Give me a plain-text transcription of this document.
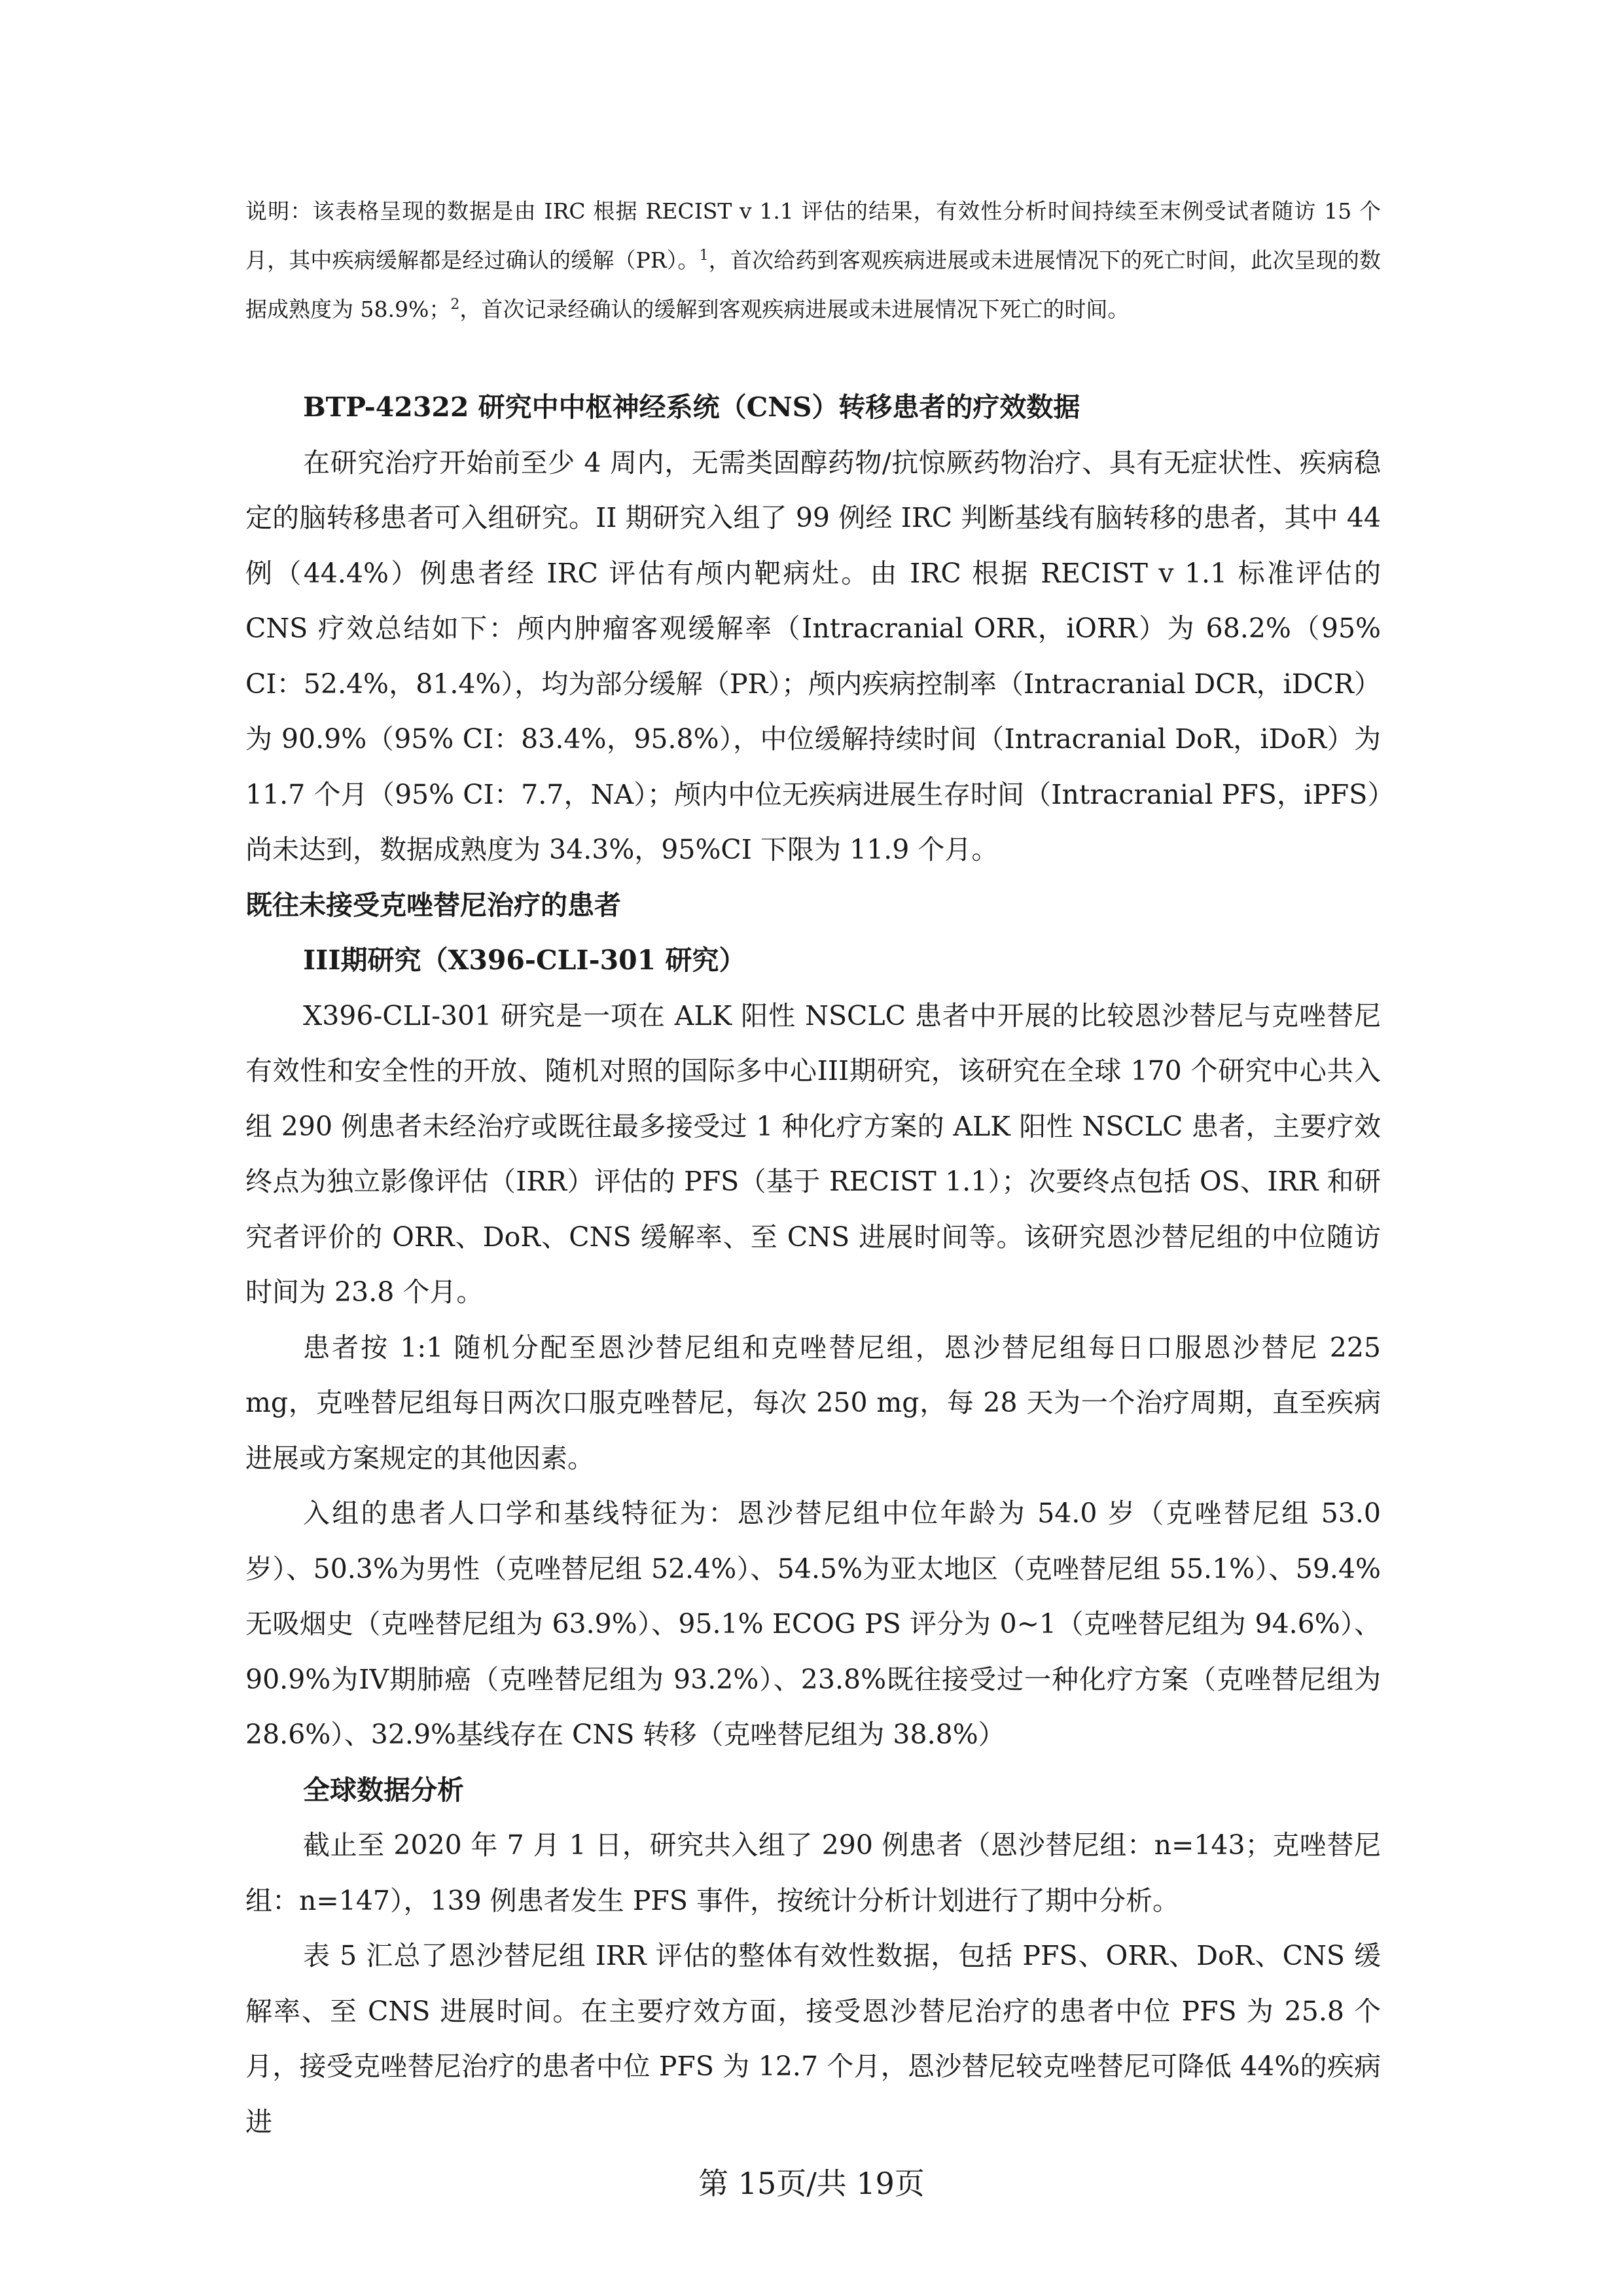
说明：该表格呈现的数据是由 IRC 根据 RECIST v 1.1 评估的结果，有效性分析时间持续至末例受试者随访 15 个月，其中疾病缓解都是经过确认的缓解（PR）。$^1$，首次给药到客观疾病进展或未进展情况下的死亡时间，此次呈现的数据成熟度为 58.9%；$^2$，首次记录经确认的缓解到客观疾病进展或未进展情况下死亡的时间。

BTP-42322 研究中中枢神经系统（CNS）转移患者的疗效数据

在研究治疗开始前至少 4 周内，无需类固醇药物/抗惊厥药物治疗、具有无症状性、疾病稳定的脑转移患者可入组研究。II 期研究入组了 99 例经 IRC 判断基线有脑转移的患者，其中 44 例（44.4%）例患者经 IRC 评估有颅内靶病灶。由 IRC 根据 RECIST v 1.1 标准评估的 CNS 疗效总结如下：颅内肿瘤客观缓解率（Intracranial ORR，iORR）为 68.2%（95% CI：52.4%，81.4%），均为部分缓解（PR）；颅内疾病控制率（Intracranial DCR，iDCR）为 90.9%（95% CI：83.4%，95.8%），中位缓解持续时间（Intracranial DoR，iDoR）为 11.7 个月（95% CI：7.7，NA）；颅内中位无疾病进展生存时间（Intracranial PFS，iPFS）尚未达到，数据成熟度为 34.3%，95%CI 下限为 11.9 个月。

既往未接受克唑替尼治疗的患者

III期研究（X396-CLI-301 研究）

X396-CLI-301 研究是一项在 ALK 阳性 NSCLC 患者中开展的比较恩沙替尼与克唑替尼有效性和安全性的开放、随机对照的国际多中心III期研究，该研究在全球 170 个研究中心共入组 290 例患者未经治疗或既往最多接受过 1 种化疗方案的 ALK 阳性 NSCLC 患者，主要疗效终点为独立影像评估（IRR）评估的 PFS（基于 RECIST 1.1）；次要终点包括 OS、IRR 和研究者评价的 ORR、DoR、CNS 缓解率、至 CNS 进展时间等。该研究恩沙替尼组的中位随访时间为 23.8 个月。

患者按 1:1 随机分配至恩沙替尼组和克唑替尼组，恩沙替尼组每日口服恩沙替尼 225 mg，克唑替尼组每日两次口服克唑替尼，每次 250 mg，每 28 天为一个治疗周期，直至疾病进展或方案规定的其他因素。

入组的患者人口学和基线特征为：恩沙替尼组中位年龄为 54.0 岁（克唑替尼组 53.0 岁）、50.3%为男性（克唑替尼组 52.4%）、54.5%为亚太地区（克唑替尼组 55.1%）、59.4%无吸烟史（克唑替尼组为 63.9%）、95.1% ECOG PS 评分为 0~1（克唑替尼组为 94.6%）、90.9%为IV期肺癌（克唑替尼组为 93.2%）、23.8%既往接受过一种化疗方案（克唑替尼组为 28.6%）、32.9%基线存在 CNS 转移（克唑替尼组为 38.8%）

全球数据分析

截止至 2020 年 7 月 1 日，研究共入组了 290 例患者（恩沙替尼组：n=143；克唑替尼组：n=147），139 例患者发生 PFS 事件，按统计分析计划进行了期中分析。

表 5 汇总了恩沙替尼组 IRR 评估的整体有效性数据，包括 PFS、ORR、DoR、CNS 缓解率、至 CNS 进展时间。在主要疗效方面，接受恩沙替尼治疗的患者中位 PFS 为 25.8 个月，接受克唑替尼治疗的患者中位 PFS 为 12.7 个月，恩沙替尼较克唑替尼可降低 44%的疾病进

第 15页/共 19页
